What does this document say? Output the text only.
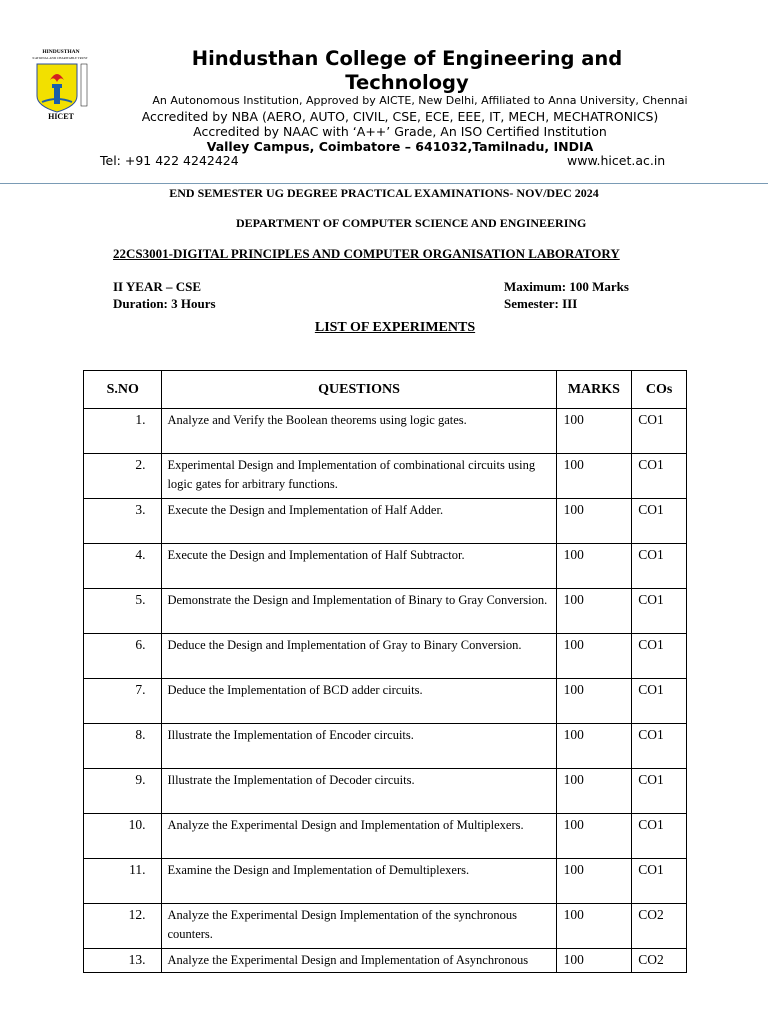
HINDUSTHAN
EDUCATIONAL AND CHARITABLE TRUST
HICET
Hindusthan College of Engineering and Technology
An Autonomous Institution, Approved by AICTE, New Delhi, Affiliated to Anna University, Chennai
Accredited by NBA (AERO, AUTO, CIVIL, CSE, ECE, EEE, IT, MECH, MECHATRONICS)
Accredited by NAAC with ‘A++’ Grade, An ISO Certified Institution
Valley Campus, Coimbatore – 641032,Tamilnadu, INDIA
Tel: +91 422 4242424	www.hicet.ac.in
END SEMESTER UG DEGREE PRACTICAL EXAMINATIONS- NOV/DEC 2024
DEPARTMENT OF COMPUTER SCIENCE AND ENGINEERING
22CS3001-DIGITAL PRINCIPLES AND COMPUTER ORGANISATION LABORATORY
II YEAR – CSE
Duration: 3 Hours
Maximum: 100 Marks
Semester: III
LIST OF EXPERIMENTS
S.NO	QUESTIONS	MARKS	COs
1.	Analyze and Verify the Boolean theorems using logic gates.	100	CO1
2.	Experimental Design and Implementation of combinational circuits using logic gates for arbitrary functions.	100	CO1
3.	Execute the Design and Implementation of Half Adder.	100	CO1
4.	Execute the Design and Implementation of Half Subtractor.	100	CO1
5.	Demonstrate the Design and Implementation of Binary to Gray Conversion.	100	CO1
6.	Deduce the Design and Implementation of Gray to Binary Conversion.	100	CO1
7.	Deduce the Implementation of BCD adder circuits.	100	CO1
8.	Illustrate the Implementation of Encoder circuits.	100	CO1
9.	Illustrate the Implementation of Decoder circuits.	100	CO1
10.	Analyze the Experimental Design and Implementation of Multiplexers.	100	CO1
11.	Examine the Design and Implementation of Demultiplexers.	100	CO1
12.	Analyze the Experimental Design Implementation of the synchronous counters.	100	CO2
13.	Analyze the Experimental Design and Implementation of Asynchronous	100	CO2
